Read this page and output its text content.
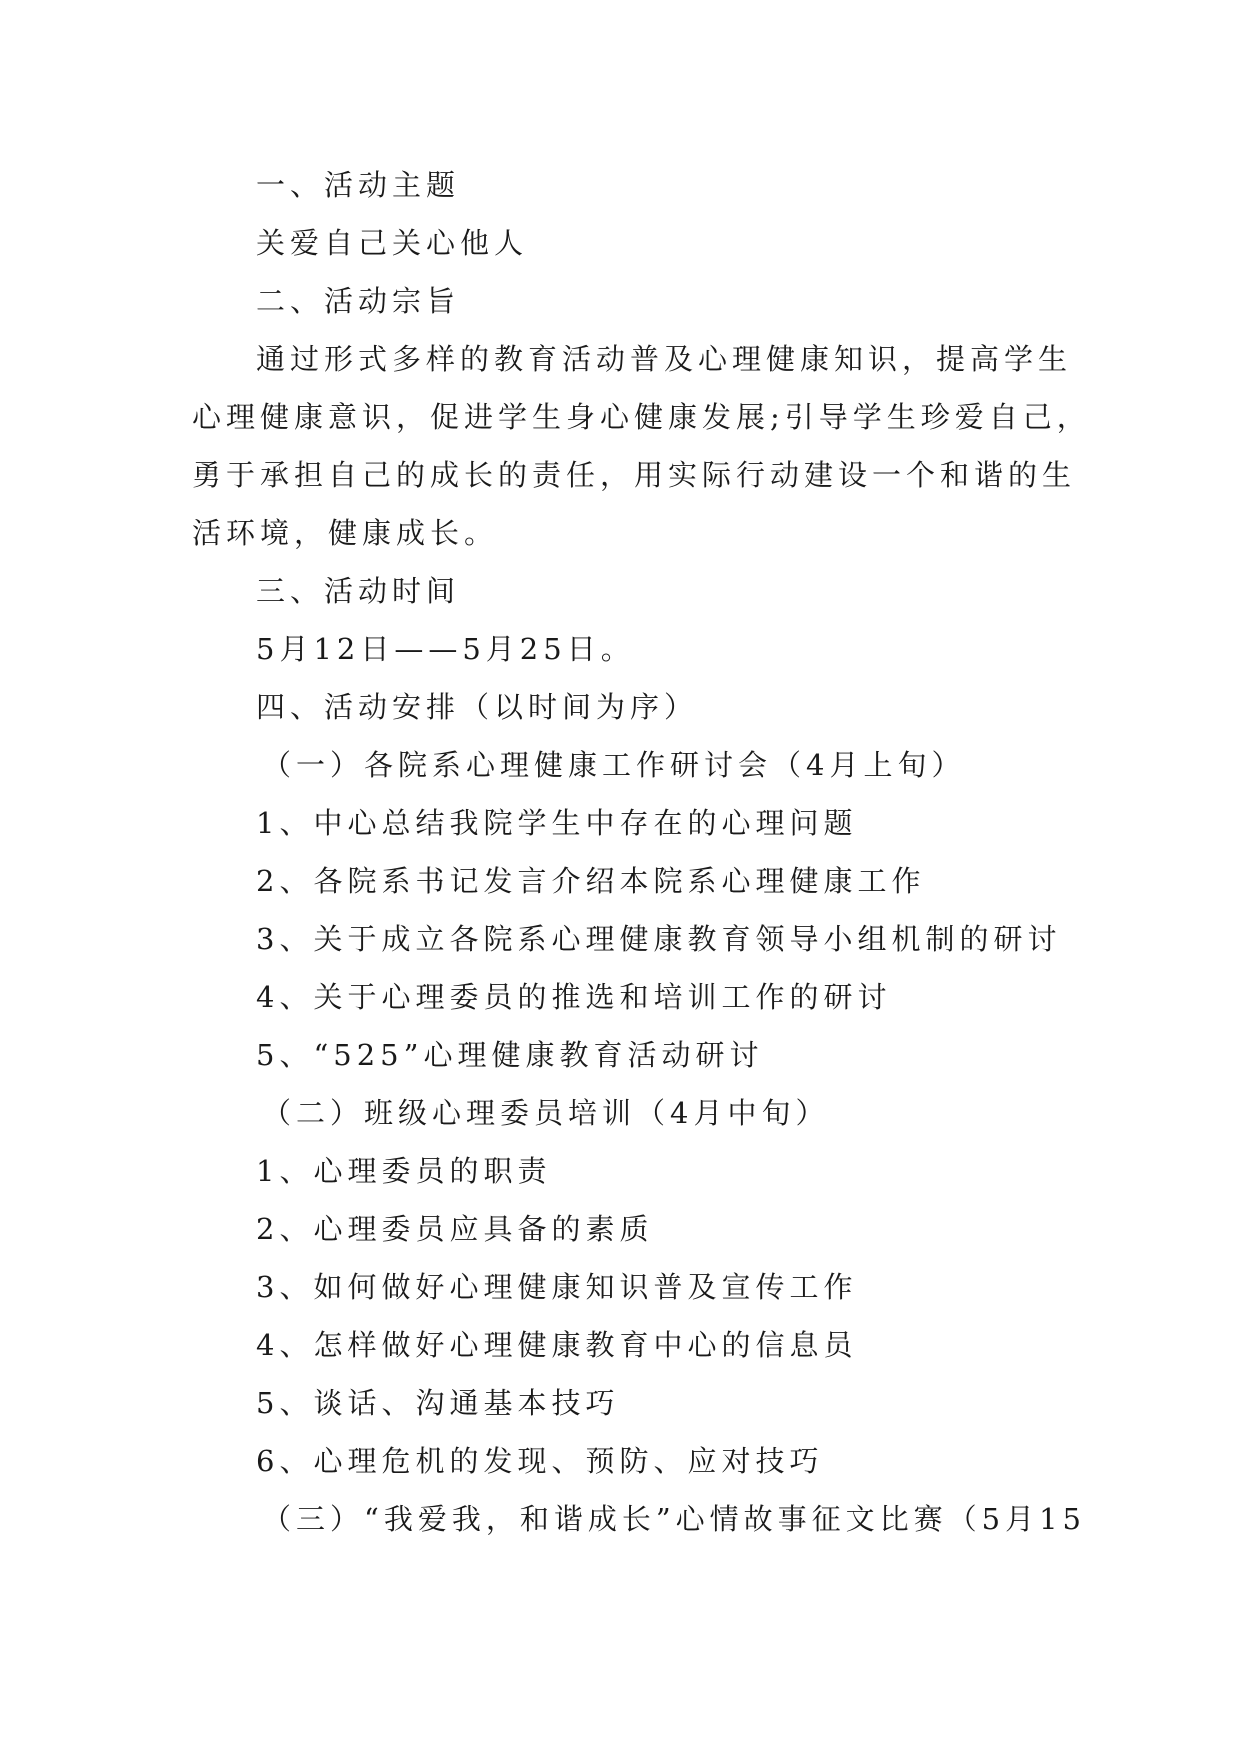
一、活动主题
关爱自己关心他人
二、活动宗旨
通过形式多样的教育活动普及心理健康知识，提高学生
心理健康意识，促进学生身心健康发展;引导学生珍爱自己，
勇于承担自己的成长的责任，用实际行动建设一个和谐的生
活环境，健康成长。
三、活动时间
5月12日——5月25日。
四、活动安排（以时间为序）
（一）各院系心理健康工作研讨会（4月上旬）
1、中心总结我院学生中存在的心理问题
2、各院系书记发言介绍本院系心理健康工作
3、关于成立各院系心理健康教育领导小组机制的研讨
4、关于心理委员的推选和培训工作的研讨
5、“525”心理健康教育活动研讨
（二）班级心理委员培训（4月中旬）
1、心理委员的职责
2、心理委员应具备的素质
3、如何做好心理健康知识普及宣传工作
4、怎样做好心理健康教育中心的信息员
5、谈话、沟通基本技巧
6、心理危机的发现、预防、应对技巧
（三）“我爱我，和谐成长”心情故事征文比赛（5月15
